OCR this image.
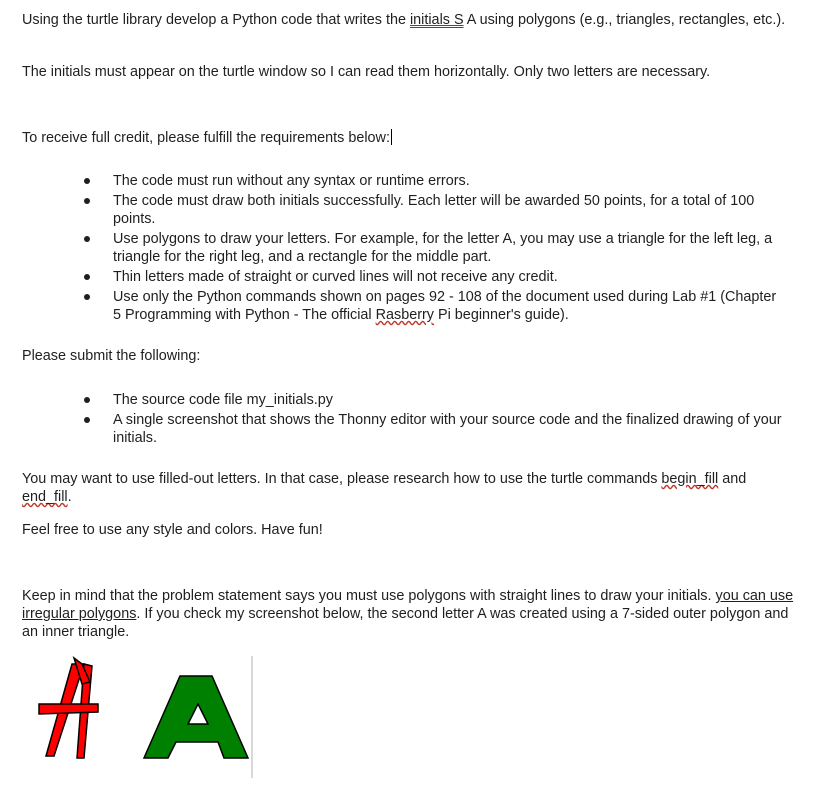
Using the turtle library develop a Python code that writes the initials S A using polygons (e.g., triangles, rectangles, etc.).

The initials must appear on the turtle window so I can read them horizontally. Only two letters are necessary.

To receive full credit, please fulfill the requirements below:

The code must run without any syntax or runtime errors.
The code must draw both initials successfully. Each letter will be awarded 50 points, for a total of 100 points.
Use polygons to draw your letters. For example, for the letter A, you may use a triangle for the left leg, a triangle for the right leg, and a rectangle for the middle part.
Thin letters made of straight or curved lines will not receive any credit.
Use only the Python commands shown on pages 92 - 108 of the document used during Lab #1 (Chapter 5 Programming with Python - The official Rasberry Pi beginner's guide).

Please submit the following:

The source code file my_initials.py
A single screenshot that shows the Thonny editor with your source code and the finalized drawing of your initials.

You may want to use filled-out letters. In that case, please research how to use the turtle commands begin_fill and end_fill.

Feel free to use any style and colors. Have fun!

Keep in mind that the problem statement says you must use polygons with straight lines to draw your initials. you can use irregular polygons. If you check my screenshot below, the second letter A was created using a 7-sided outer polygon and an inner triangle.
